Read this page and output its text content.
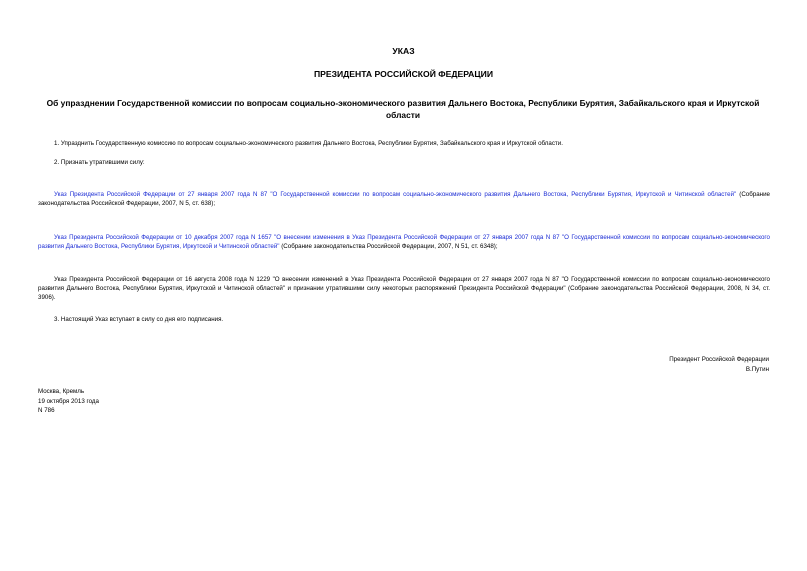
УКАЗ
ПРЕЗИДЕНТА РОССИЙСКОЙ ФЕДЕРАЦИИ
Об упразднении Государственной комиссии по вопросам социально-экономического развития Дальнего Востока, Республики Бурятия, Забайкальского края и Иркутской области
1. Упразднить Государственную комиссию по вопросам социально-экономического развития Дальнего Востока, Республики Бурятия, Забайкальского края и Иркутской области.
2. Признать утратившими силу:
Указ Президента Российской Федерации от 27 января 2007 года N 87 "О Государственной комиссии по вопросам социально-экономического развития Дальнего Востока, Республики Бурятия, Иркутской и Читинской областей" (Собрание законодательства Российской Федерации, 2007, N 5, ст. 638);
Указ Президента Российской Федерации от 10 декабря 2007 года N 1657 "О внесении изменения в Указ Президента Российской Федерации от 27 января 2007 года N 87 "О Государственной комиссии по вопросам социально-экономического развития Дальнего Востока, Республики Бурятия, Иркутской и Читинской областей" (Собрание законодательства Российской Федерации, 2007, N 51, ст. 6348);
Указ Президента Российской Федерации от 16 августа 2008 года N 1229 "О внесении изменений в Указ Президента Российской Федерации от 27 января 2007 года N 87 "О Государственной комиссии по вопросам социально-экономического развития Дальнего Востока, Республики Бурятия, Иркутской и Читинской областей" и признании утратившими силу некоторых распоряжений Президента Российской Федерации" (Собрание законодательства Российской Федерации, 2008, N 34, ст. 3906).
3. Настоящий Указ вступает в силу со дня его подписания.
Президент Российской Федерации
В.Путин
Москва, Кремль
19 октября 2013 года
N 786
